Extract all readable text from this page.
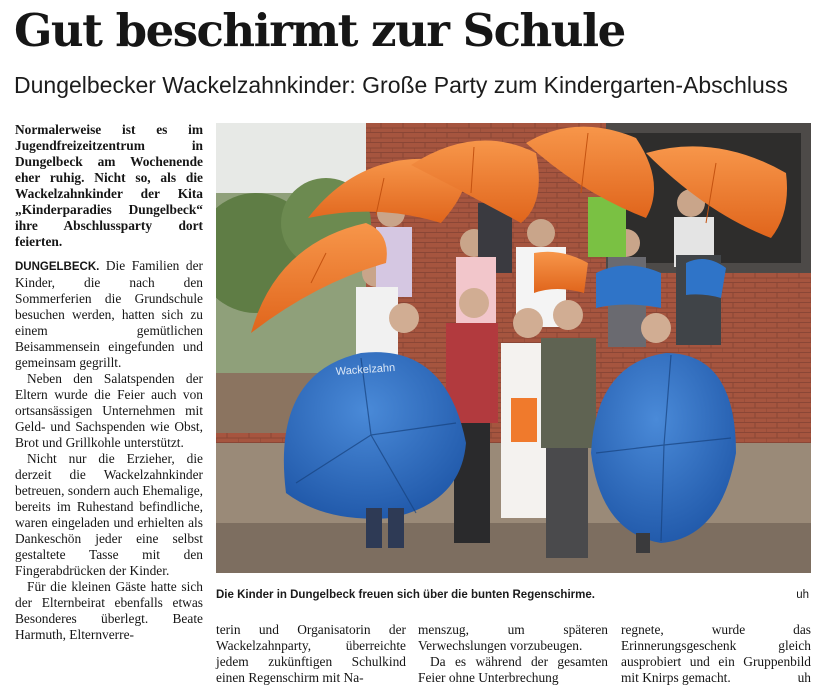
Gut beschirmt zur Schule
Dungelbecker Wackelzahnkinder: Große Party zum Kindergarten-Abschluss

Normalerweise ist es im Jugendfreizeitzentrum in Dungelbeck am Wochenende eher ruhig. Nicht so, als die Wackelzahnkinder der Kita „Kinderparadies Dungelbeck“ ihre Abschlussparty dort feierten.

DUNGELBECK. Die Familien der Kinder, die nach den Sommerferien die Grundschule besuchen werden, hatten sich zu einem gemütlichen Beisammensein eingefunden und gemeinsam gegrillt.

Neben den Salatspenden der Eltern wurde die Feier auch von ortsansässigen Unternehmen mit Geld- und Sachspenden wie Obst, Brot und Grillkohle unterstützt.

Nicht nur die Erzieher, die derzeit die Wackelzahnkinder betreuen, sondern auch Ehemalige, bereits im Ruhestand befindliche, waren eingeladen und erhielten als Dankeschön jeder eine selbst gestaltete Tasse mit den Fingerabdrücken der Kinder.

Für die kleinen Gäste hatte sich der Elternbeirat ebenfalls etwas Besonderes überlegt. Beate Harmuth, Elternverre-

Wackelzahn
Die Kinder in Dungelbeck freuen sich über die bunten Regenschirme.	uh

terin und Organisatorin der Wackelzahnparty, überreichte jedem zukünftigen Schulkind einen Regenschirm mit Na-

menszug, um späteren Verwechslungen vorzubeugen.

Da es während der gesamten Feier ohne Unterbrechung

regnete, wurde das Erinnerungsgeschenk gleich ausprobiert und ein Gruppenbild mit Knirps gemacht.	uh
